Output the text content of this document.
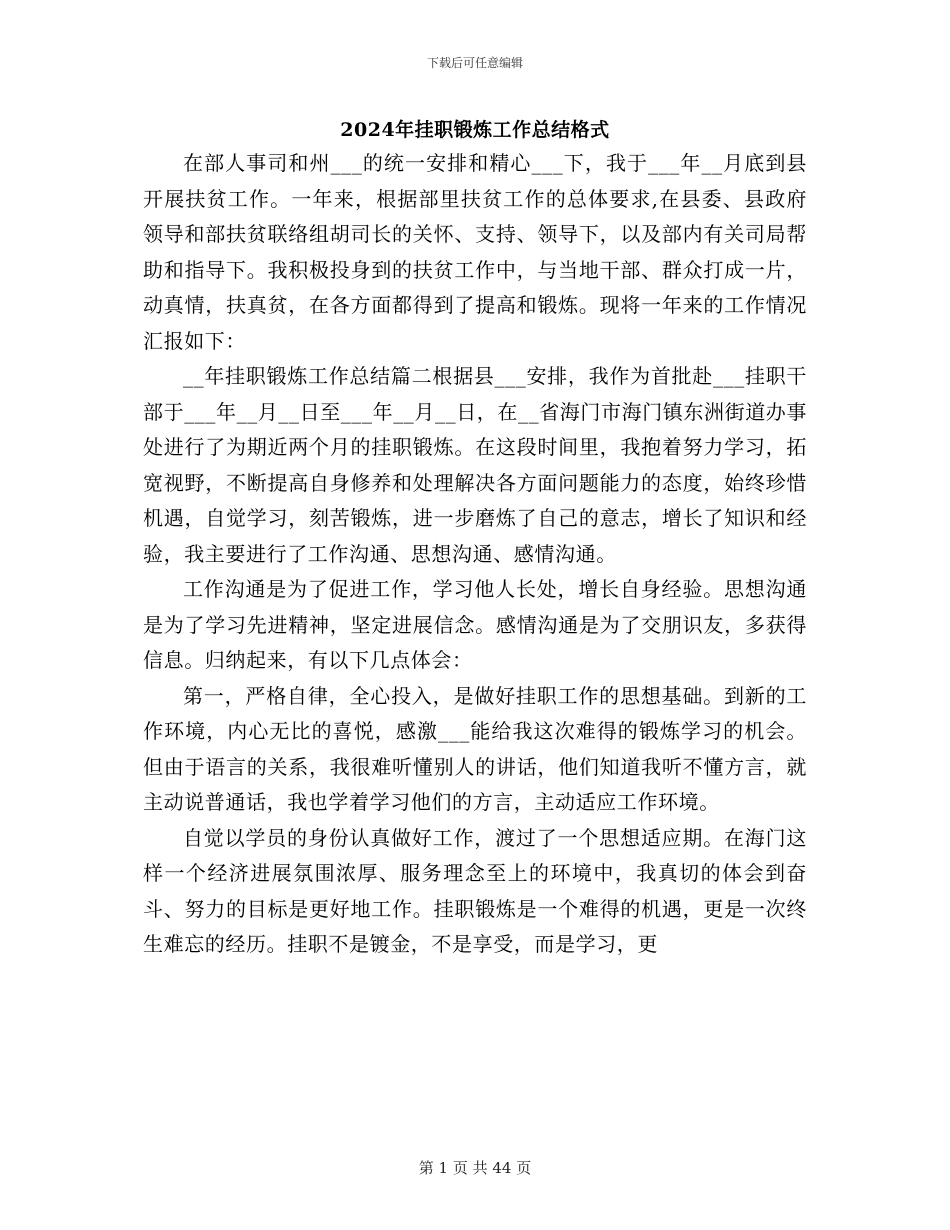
下载后可任意编辑
2024年挂职锻炼工作总结格式

在部人事司和州___的统一安排和精心___下，我于___年__月底到县开展扶贫工作。一年来，根据部里扶贫工作的总体要求,在县委、县政府领导和部扶贫联络组胡司长的关怀、支持、领导下，以及部内有关司局帮助和指导下。我积极投身到的扶贫工作中，与当地干部、群众打成一片，动真情，扶真贫，在各方面都得到了提高和锻炼。现将一年来的工作情况汇报如下：

__年挂职锻炼工作总结篇二根据县___安排，我作为首批赴___挂职干部于___年__月__日至___年__月__日，在__省海门市海门镇东洲街道办事处进行了为期近两个月的挂职锻炼。在这段时间里，我抱着努力学习，拓宽视野，不断提高自身修养和处理解决各方面问题能力的态度，始终珍惜机遇，自觉学习，刻苦锻炼，进一步磨炼了自己的意志，增长了知识和经验，我主要进行了工作沟通、思想沟通、感情沟通。

工作沟通是为了促进工作，学习他人长处，增长自身经验。思想沟通是为了学习先进精神，坚定进展信念。感情沟通是为了交朋识友，多获得信息。归纳起来，有以下几点体会：

第一，严格自律，全心投入，是做好挂职工作的思想基础。到新的工作环境，内心无比的喜悦，感激___能给我这次难得的锻炼学习的机会。但由于语言的关系，我很难听懂别人的讲话，他们知道我听不懂方言，就主动说普通话，我也学着学习他们的方言，主动适应工作环境。

自觉以学员的身份认真做好工作，渡过了一个思想适应期。在海门这样一个经济进展氛围浓厚、服务理念至上的环境中，我真切的体会到奋斗、努力的目标是更好地工作。挂职锻炼是一个难得的机遇，更是一次终生难忘的经历。挂职不是镀金，不是享受，而是学习，更

第 1 页 共 44 页
